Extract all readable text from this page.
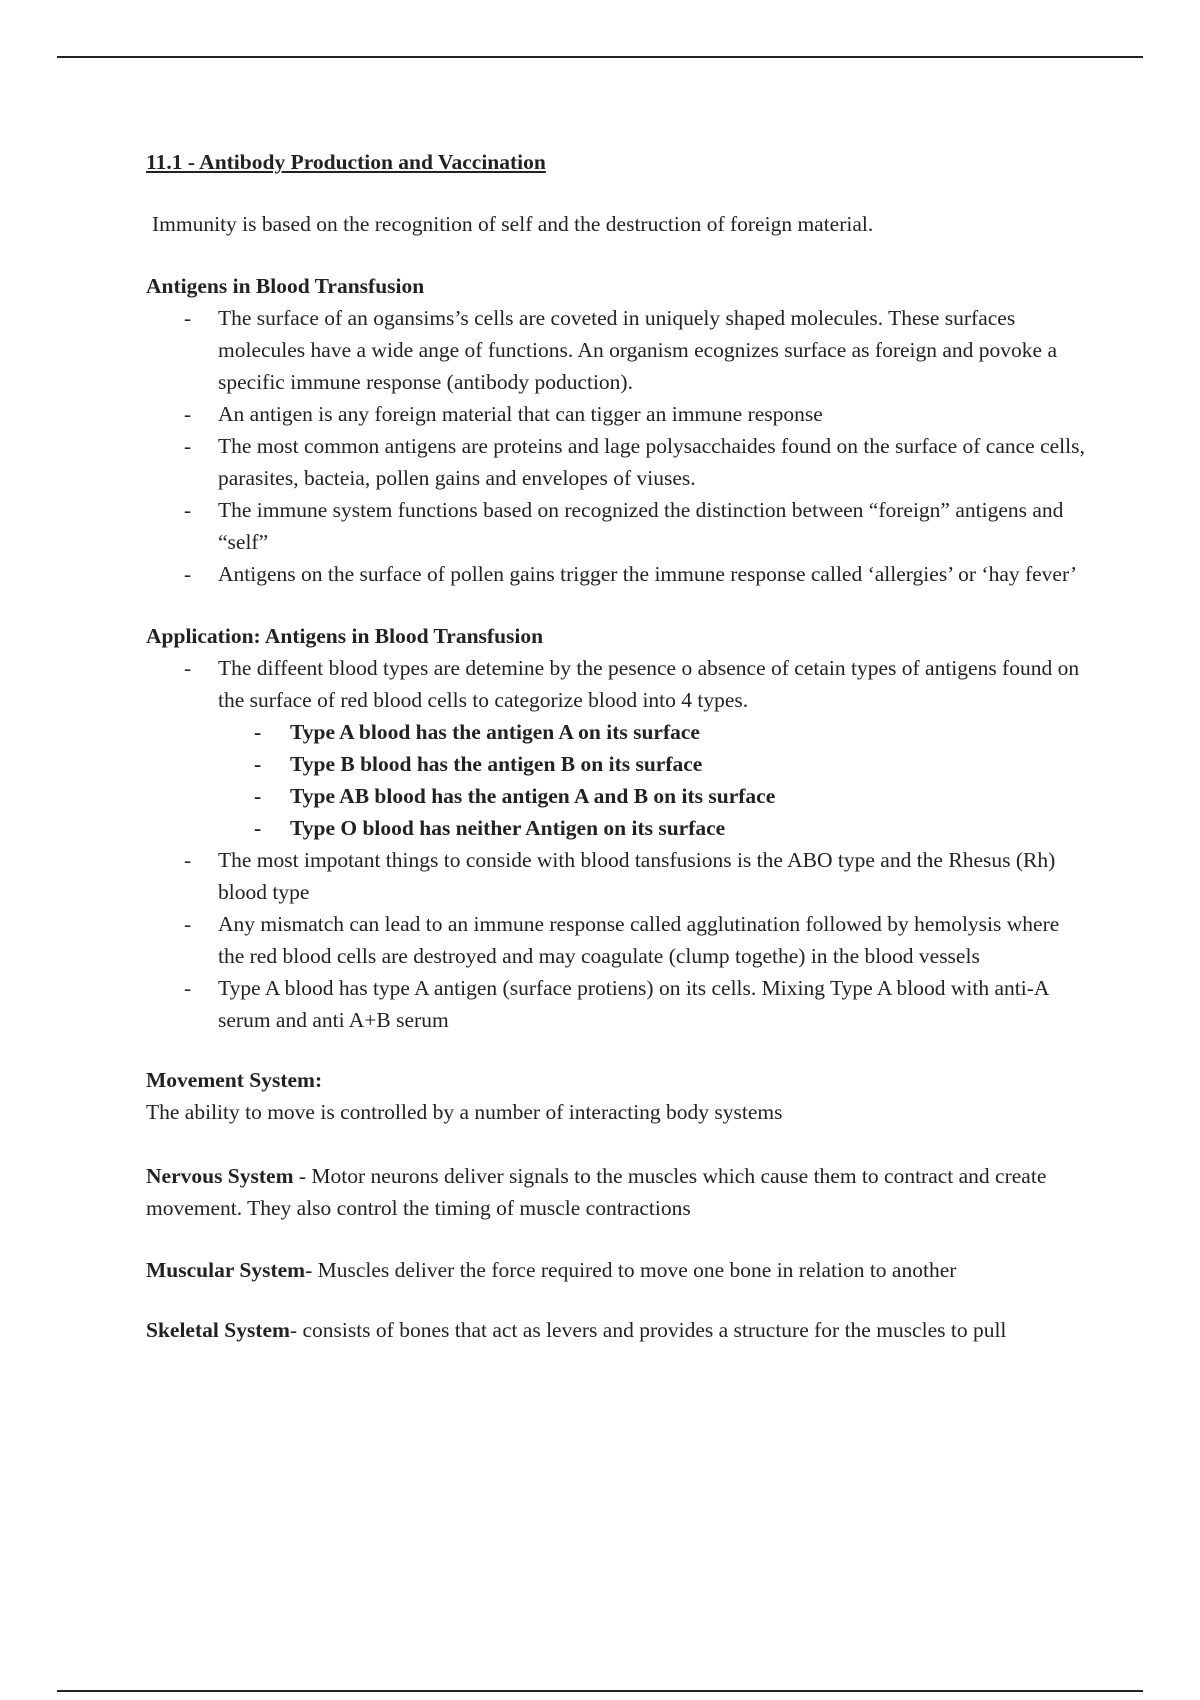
11.1 - Antibody Production and Vaccination

Immunity is based on the recognition of self and the destruction of foreign material.

Antigens in Blood Transfusion

- The surface of an ogansims’s cells are coveted in uniquely shaped molecules. These surfaces molecules have a wide ange of functions. An organism ecognizes surface as foreign and povoke a specific immune response (antibody poduction).
- An antigen is any foreign material that can tigger an immune response
- The most common antigens are proteins and lage polysacchaides found on the surface of cance cells, parasites, bacteia, pollen gains and envelopes of viuses.
- The immune system functions based on recognized the distinction between “foreign” antigens and “self”
- Antigens on the surface of pollen gains trigger the immune response called ‘allergies’ or ‘hay fever’

Application: Antigens in Blood Transfusion

- The diffeent blood types are detemine by the pesence o absence of cetain types of antigens found on the surface of red blood cells to categorize blood into 4 types.
- Type A blood has the antigen A on its surface
- Type B blood has the antigen B on its surface
- Type AB blood has the antigen A and B on its surface
- Type O blood has neither Antigen on its surface
- The most impotant things to conside with blood tansfusions is the ABO type and the Rhesus (Rh) blood type
- Any mismatch can lead to an immune response called agglutination followed by hemolysis where the red blood cells are destroyed and may coagulate (clump togethe) in the blood vessels
- Type A blood has type A antigen (surface protiens) on its cells. Mixing Type A blood with anti-A serum and anti A+B serum

Movement System:

The ability to move is controlled by a number of interacting body systems

Nervous System - Motor neurons deliver signals to the muscles which cause them to contract and create movement. They also control the timing of muscle contractions

Muscular System- Muscles deliver the force required to move one bone in relation to another

Skeletal System- consists of bones that act as levers and provides a structure for the muscles to pull
